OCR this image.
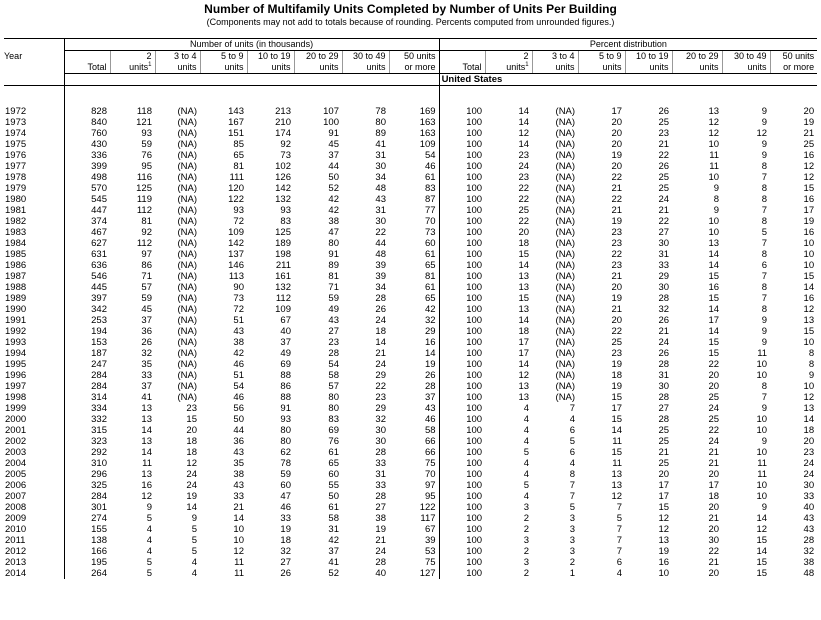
Number of Multifamily Units Completed by Number of Units Per Building
(Components may not add to totals because of rounding. Percents computed from unrounded figures.)
Year	Number of units (in thousands)								Percent distribution							
		2	3 to 4	5 to 9	10 to 19	20 to 29	30 to 49	50 units		2	3 to 4	5 to 9	10 to 19	20 to 29	30 to 49	50 units
	Total	units$^1$	units	units	units	units	units	or more	Total	units$^1$	units	units	units	units	units	or more
									United States							

1972	828	118	(NA)	143	213	107	78	169	100	14	(NA)	17	26	13	9	20
1973	840	121	(NA)	167	210	100	80	163	100	14	(NA)	20	25	12	9	19
1974	760	93	(NA)	151	174	91	89	163	100	12	(NA)	20	23	12	12	21
1975	430	59	(NA)	85	92	45	41	109	100	14	(NA)	20	21	10	9	25
1976	336	76	(NA)	65	73	37	31	54	100	23	(NA)	19	22	11	9	16
1977	399	95	(NA)	81	102	44	30	46	100	24	(NA)	20	26	11	8	12
1978	498	116	(NA)	111	126	50	34	61	100	23	(NA)	22	25	10	7	12
1979	570	125	(NA)	120	142	52	48	83	100	22	(NA)	21	25	9	8	15
1980	545	119	(NA)	122	132	42	43	87	100	22	(NA)	22	24	8	8	16
1981	447	112	(NA)	93	93	42	31	77	100	25	(NA)	21	21	9	7	17
1982	374	81	(NA)	72	83	38	30	70	100	22	(NA)	19	22	10	8	19
1983	467	92	(NA)	109	125	47	22	73	100	20	(NA)	23	27	10	5	16
1984	627	112	(NA)	142	189	80	44	60	100	18	(NA)	23	30	13	7	10
1985	631	97	(NA)	137	198	91	48	61	100	15	(NA)	22	31	14	8	10
1986	636	86	(NA)	146	211	89	39	65	100	14	(NA)	23	33	14	6	10
1987	546	71	(NA)	113	161	81	39	81	100	13	(NA)	21	29	15	7	15
1988	445	57	(NA)	90	132	71	34	61	100	13	(NA)	20	30	16	8	14
1989	397	59	(NA)	73	112	59	28	65	100	15	(NA)	19	28	15	7	16
1990	342	45	(NA)	72	109	49	26	42	100	13	(NA)	21	32	14	8	12
1991	253	37	(NA)	51	67	43	24	32	100	14	(NA)	20	26	17	9	13
1992	194	36	(NA)	43	40	27	18	29	100	18	(NA)	22	21	14	9	15
1993	153	26	(NA)	38	37	23	14	16	100	17	(NA)	25	24	15	9	10
1994	187	32	(NA)	42	49	28	21	14	100	17	(NA)	23	26	15	11	8
1995	247	35	(NA)	46	69	54	24	19	100	14	(NA)	19	28	22	10	8
1996	284	33	(NA)	51	88	58	29	26	100	12	(NA)	18	31	20	10	9
1997	284	37	(NA)	54	86	57	22	28	100	13	(NA)	19	30	20	8	10
1998	314	41	(NA)	46	88	80	23	37	100	13	(NA)	15	28	25	7	12
1999	334	13	23	56	91	80	29	43	100	4	7	17	27	24	9	13
2000	332	13	15	50	93	83	32	46	100	4	4	15	28	25	10	14
2001	315	14	20	44	80	69	30	58	100	4	6	14	25	22	10	18
2002	323	13	18	36	80	76	30	66	100	4	5	11	25	24	9	20
2003	292	14	18	43	62	61	28	66	100	5	6	15	21	21	10	23
2004	310	11	12	35	78	65	33	75	100	4	4	11	25	21	11	24
2005	296	13	24	38	59	60	31	70	100	4	8	13	20	20	11	24
2006	325	16	24	43	60	55	33	97	100	5	7	13	17	17	10	30
2007	284	12	19	33	47	50	28	95	100	4	7	12	17	18	10	33
2008	301	9	14	21	46	61	27	122	100	3	5	7	15	20	9	40
2009	274	5	9	14	33	58	38	117	100	2	3	5	12	21	14	43
2010	155	4	5	10	19	31	19	67	100	2	3	7	12	20	12	43
2011	138	4	5	10	18	42	21	39	100	3	3	7	13	30	15	28
2012	166	4	5	12	32	37	24	53	100	2	3	7	19	22	14	32
2013	195	5	4	11	27	41	28	75	100	3	2	6	16	21	15	38
2014	264	5	4	11	26	52	40	127	100	2	1	4	10	20	15	48
